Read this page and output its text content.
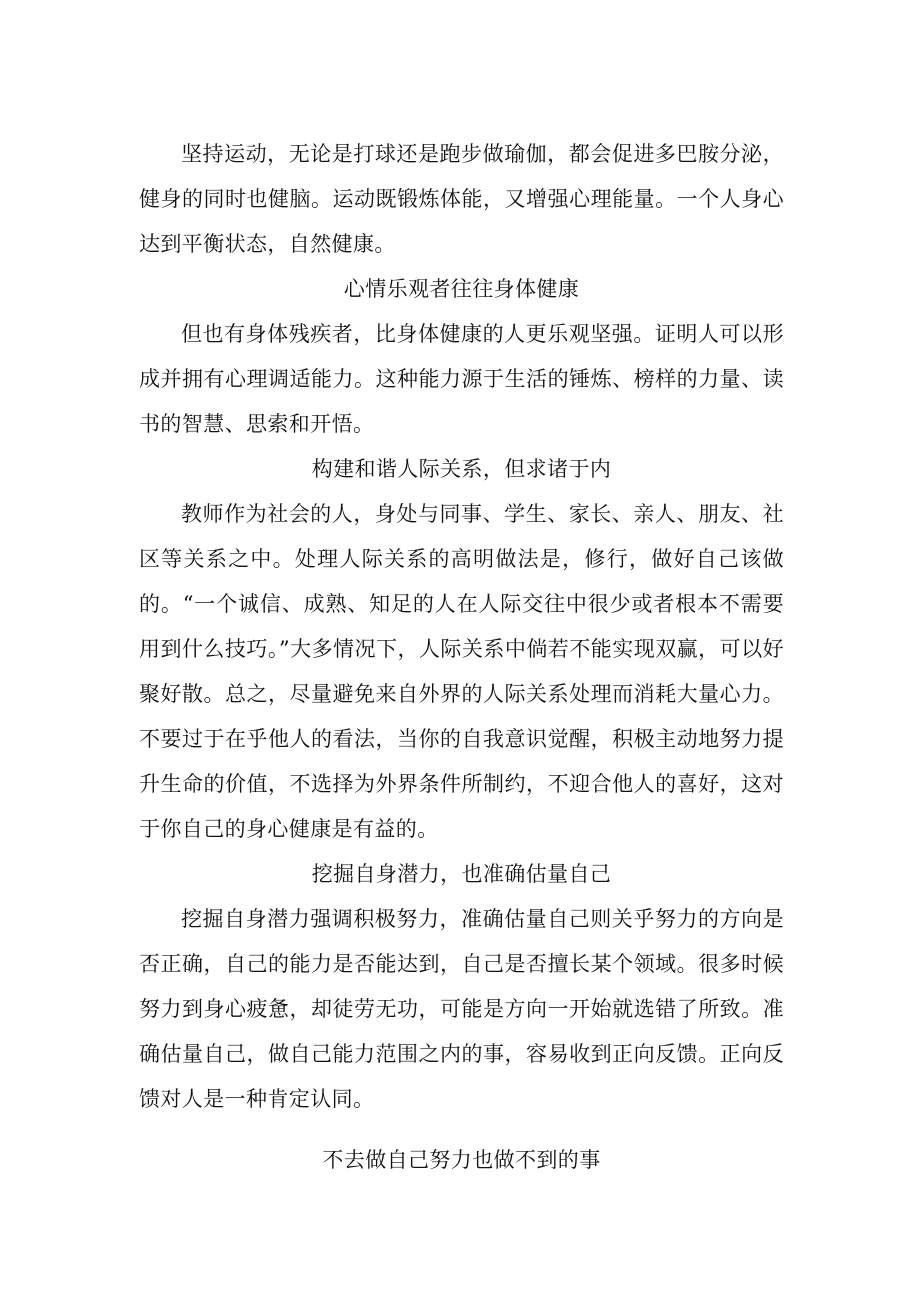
坚持运动，无论是打球还是跑步做瑜伽，都会促进多巴胺分泌，健身的同时也健脑。运动既锻炼体能，又增强心理能量。一个人身心达到平衡状态，自然健康。

心情乐观者往往身体健康

但也有身体残疾者，比身体健康的人更乐观坚强。证明人可以形成并拥有心理调适能力。这种能力源于生活的锤炼、榜样的力量、读书的智慧、思索和开悟。

构建和谐人际关系，但求诸于内

教师作为社会的人，身处与同事、学生、家长、亲人、朋友、社区等关系之中。处理人际关系的高明做法是，修行，做好自己该做的。“一个诚信、成熟、知足的人在人际交往中很少或者根本不需要用到什么技巧。”大多情况下，人际关系中倘若不能实现双赢，可以好聚好散。总之，尽量避免来自外界的人际关系处理而消耗大量心力。不要过于在乎他人的看法，当你的自我意识觉醒，积极主动地努力提升生命的价值，不选择为外界条件所制约，不迎合他人的喜好，这对于你自己的身心健康是有益的。

挖掘自身潜力，也准确估量自己

挖掘自身潜力强调积极努力，准确估量自己则关乎努力的方向是否正确，自己的能力是否能达到，自己是否擅长某个领域。很多时候努力到身心疲惫，却徒劳无功，可能是方向一开始就选错了所致。准确估量自己，做自己能力范围之内的事，容易收到正向反馈。正向反馈对人是一种肯定认同。

不去做自己努力也做不到的事
